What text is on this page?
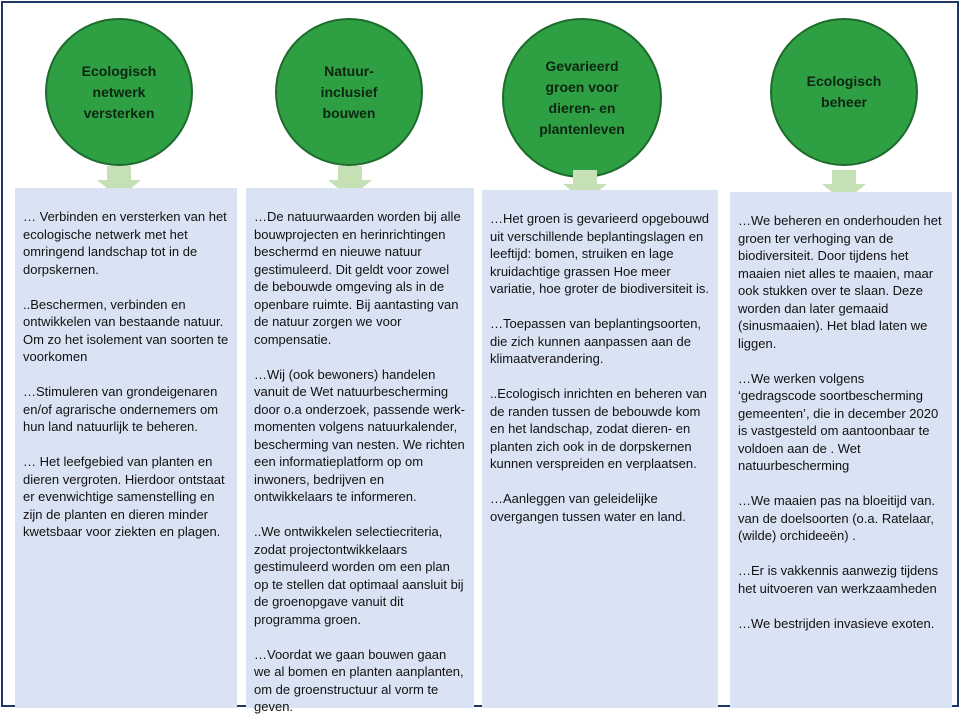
Ecologisch netwerk versterken

… Verbinden en versterken van het ecologische netwerk met het omringend landschap tot in de dorpskernen.

..Beschermen, verbinden en ontwikkelen van bestaande natuur. Om zo het isolement van soorten te voorkomen

…Stimuleren van grondeigenaren en/of agrarische ondernemers om hun land natuurlijk te beheren.

… Het leefgebied van planten en dieren vergroten. Hierdoor ontstaat er evenwichtige samenstelling en zijn de planten en dieren minder kwetsbaar voor ziekten en plagen.

Natuur-inclusief bouwen

…De natuurwaarden worden bij alle bouwprojecten en herinrichtingen beschermd en nieuwe natuur gestimuleerd. Dit geldt voor zowel de bebouwde omgeving als in de openbare ruimte. Bij aantasting van de natuur zorgen we voor compensatie.

…Wij (ook bewoners) handelen vanuit de Wet natuurbescherming door o.a onderzoek, passende werk-momenten volgens natuurkalender, bescherming van nesten. We richten een informatieplatform op om inwoners, bedrijven en ontwikkelaars te informeren.

..We ontwikkelen selectiecriteria, zodat projectontwikkelaars gestimuleerd worden om een plan op te stellen dat optimaal aansluit bij de groenopgave vanuit dit programma groen.

…Voordat we gaan bouwen gaan we al bomen en planten aanplanten, om de groenstructuur al vorm te geven.

Gevarieerd groen voor dieren- en plantenleven

…Het groen is gevarieerd opgebouwd uit verschillende beplantingslagen en leeftijd: bomen, struiken en lage kruidachtige grassen Hoe meer variatie, hoe groter de biodiversiteit is.

…Toepassen van beplantingsoorten, die zich kunnen aanpassen aan de klimaatverandering.

..Ecologisch inrichten en beheren van de randen tussen de bebouwde kom en het landschap, zodat dieren- en planten zich ook in de dorpskernen kunnen verspreiden en verplaatsen.

…Aanleggen van geleidelijke overgangen tussen water en land.

Ecologisch beheer

…We beheren en onderhouden het groen ter verhoging van de biodiversiteit. Door tijdens het maaien niet alles te maaien, maar ook stukken over te slaan. Deze worden dan later gemaaid (sinusmaaien). Het blad laten we liggen.

…We werken volgens ‘gedragscode soortbescherming gemeenten’, die in december 2020 is vastgesteld om aantoonbaar te voldoen aan de . Wet natuurbescherming

…We maaien pas na bloeitijd van. van de doelsoorten (o.a. Ratelaar, (wilde) orchideeën) .

…Er is vakkennis aanwezig tijdens het uitvoeren van werkzaamheden

…We bestrijden invasieve exoten.
